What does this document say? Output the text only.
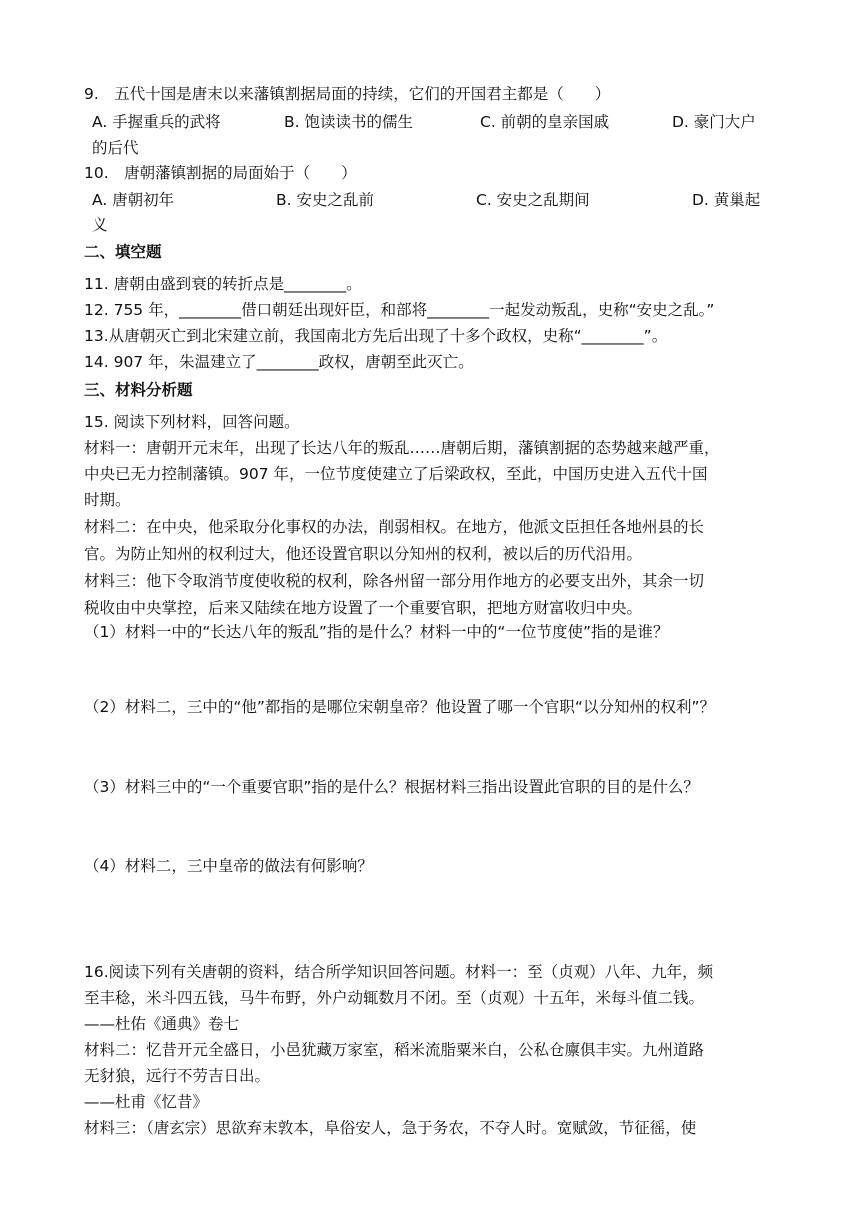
9.　五代十国是唐末以来藩镇割据局面的持续，它们的开国君主都是（　　）
A. 手握重兵的武将	B. 饱读读书的儒生	C. 前朝的皇亲国戚	D. 豪门大户
的后代
10.　唐朝藩镇割据的局面始于（　　）
A. 唐朝初年	B. 安史之乱前	C. 安史之乱期间	D. 黄巢起
义
二、填空题
11. 唐朝由盛到衰的转折点是________。
12. 755 年，________借口朝廷出现奸臣，和部将________一起发动叛乱，史称“安史之乱。”
13.从唐朝灭亡到北宋建立前，我国南北方先后出现了十多个政权，史称“________”。
14. 907 年，朱温建立了________政权，唐朝至此灭亡。
三、材料分析题
15. 阅读下列材料，回答问题。
材料一：唐朝开元末年，出现了长达八年的叛乱……唐朝后期，藩镇割据的态势越来越严重，
中央已无力控制藩镇。907 年，一位节度使建立了后梁政权，至此，中国历史进入五代十国
时期。
材料二：在中央，他采取分化事权的办法，削弱相权。在地方，他派文臣担任各地州县的长
官。为防止知州的权利过大，他还设置官职以分知州的权利，被以后的历代沿用。
材料三：他下令取消节度使收税的权利，除各州留一部分用作地方的必要支出外，其余一切
税收由中央掌控，后来又陆续在地方设置了一个重要官职，把地方财富收归中央。
（1）材料一中的“长达八年的叛乱”指的是什么？材料一中的“一位节度使”指的是谁？
（2）材料二，三中的“他”都指的是哪位宋朝皇帝？他设置了哪一个官职“以分知州的权利”？
（3）材料三中的“一个重要官职”指的是什么？根据材料三指出设置此官职的目的是什么？
（4）材料二，三中皇帝的做法有何影响？
16.阅读下列有关唐朝的资料，结合所学知识回答问题。材料一：至（贞观）八年、九年，频
至丰稔，米斗四五钱，马牛布野，外户动辄数月不闭。至（贞观）十五年，米每斗值二钱。
——杜佑《通典》卷七
材料二：忆昔开元全盛日，小邑犹藏万家室，稻米流脂粟米白，公私仓廪俱丰实。九州道路
无豺狼，远行不劳吉日出。
——杜甫《忆昔》
材料三：（唐玄宗）思欲弃末敦本，阜俗安人，急于务农，不夺人时。宽赋敛，节征徭，使
